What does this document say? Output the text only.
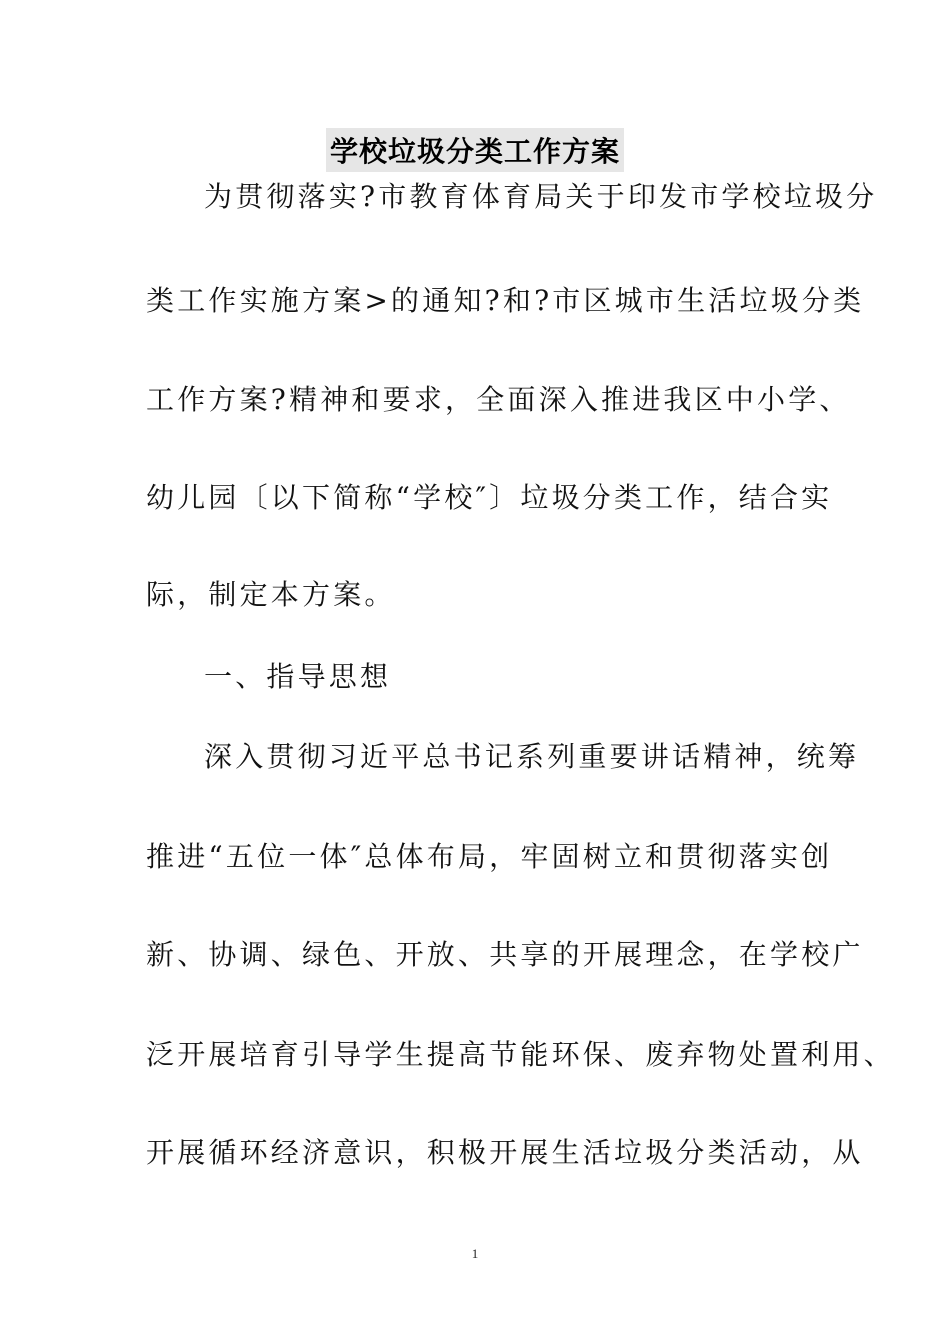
学校垃圾分类工作方案
为贯彻落实?市教育体育局关于印发市学校垃圾分
类工作实施方案>的通知?和?市区城市生活垃圾分类
工作方案?精神和要求，全面深入推进我区中小学、
幼儿园〔以下简称“学校″〕垃圾分类工作，结合实
际，制定本方案。
一、指导思想
深入贯彻习近平总书记系列重要讲话精神，统筹
推进“五位一体″总体布局，牢固树立和贯彻落实创
新、协调、绿色、开放、共享的开展理念，在学校广
泛开展培育引导学生提高节能环保、废弃物处置利用、
开展循环经济意识，积极开展生活垃圾分类活动，从
1
